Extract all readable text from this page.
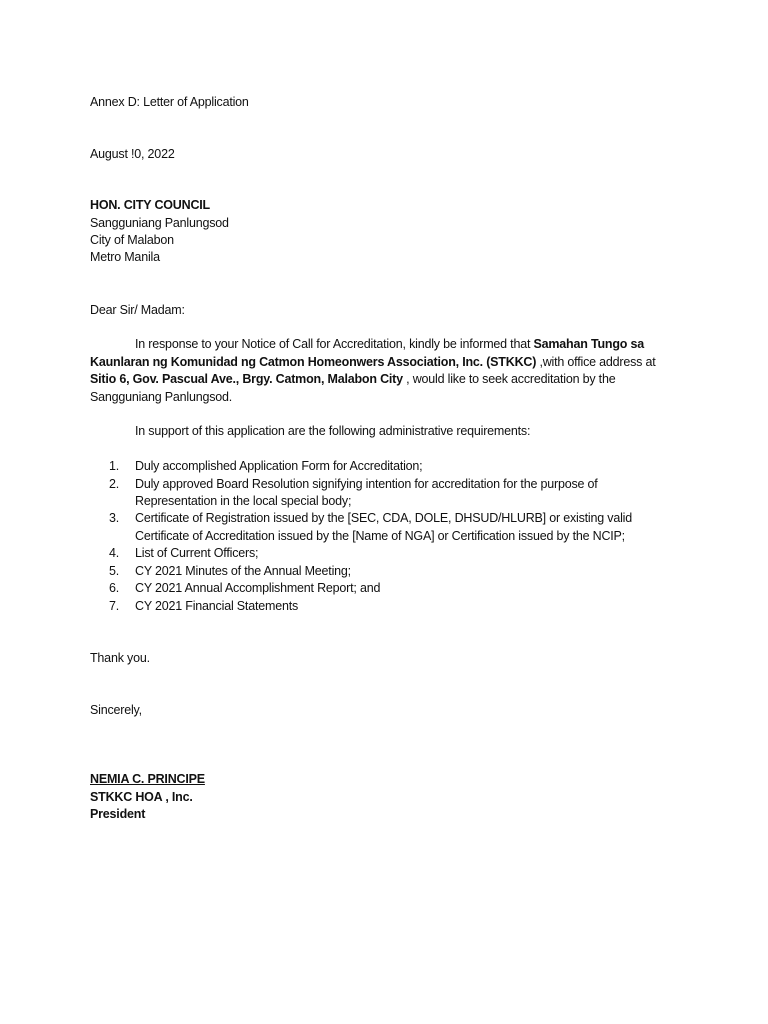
Annex D: Letter of Application
August !0, 2022
HON. CITY COUNCIL
Sangguniang Panlungsod
City of Malabon
Metro Manila
Dear Sir/ Madam:
In response to your Notice of Call for Accreditation, kindly be informed that Samahan Tungo sa
Kaunlaran ng Komunidad ng Catmon Homeonwers Association, Inc. (STKKC) ,with office address at
Sitio 6, Gov. Pascual Ave., Brgy. Catmon, Malabon City , would like to seek accreditation by the
Sangguniang Panlungsod.
In support of this application are the following administrative requirements:
1. Duly accomplished Application Form for Accreditation;
2. Duly approved Board Resolution signifying intention for accreditation for the purpose of
Representation in the local special body;
3. Certificate of Registration issued by the [SEC, CDA, DOLE, DHSUD/HLURB] or existing valid
Certificate of Accreditation issued by the [Name of NGA] or Certification issued by the NCIP;
4. List of Current Officers;
5. CY 2021 Minutes of the Annual Meeting;
6. CY 2021 Annual Accomplishment Report; and
7. CY 2021 Financial Statements
Thank you.
Sincerely,
NEMIA C. PRINCIPE
STKKC HOA , Inc.
President
